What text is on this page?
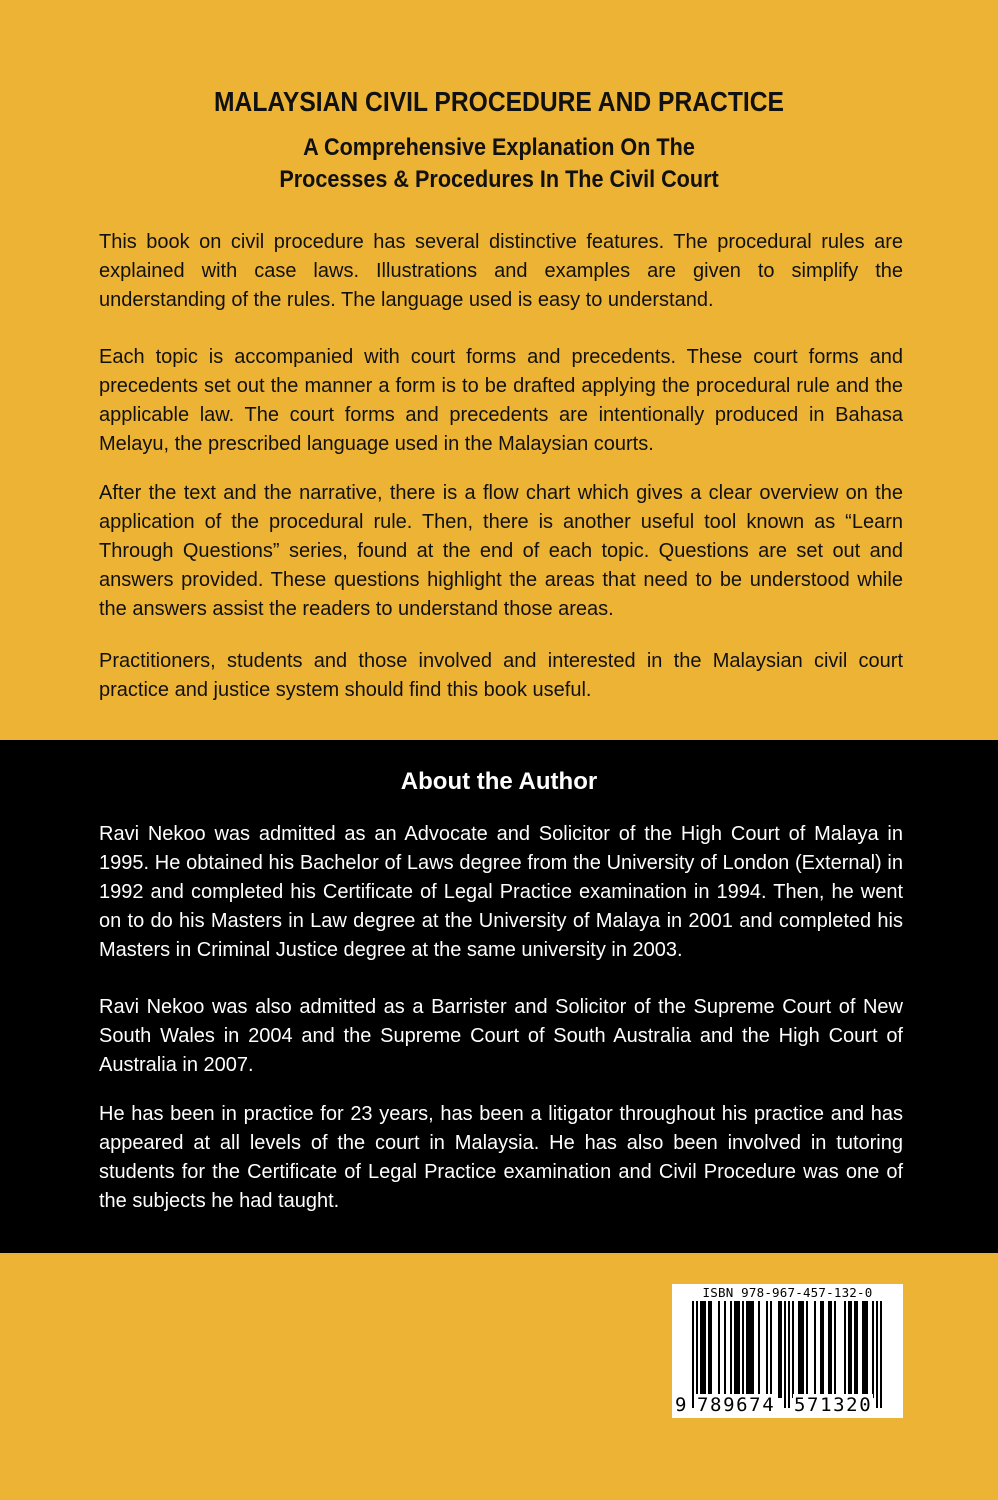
MALAYSIAN CIVIL PROCEDURE AND PRACTICE
A Comprehensive Explanation On The
Processes & Procedures In The Civil Court
This book on civil procedure has several distinctive features. The procedural rules are explained with case laws. Illustrations and examples are given to simplify the understanding of the rules. The language used is easy to understand.
Each topic is accompanied with court forms and precedents. These court forms and precedents set out the manner a form is to be drafted applying the procedural rule and the applicable law. The court forms and precedents are intentionally produced in Bahasa Melayu, the prescribed language used in the Malaysian courts.
After the text and the narrative, there is a flow chart which gives a clear overview on the application of the procedural rule. Then, there is another useful tool known as “Learn Through Questions” series, found at the end of each topic. Questions are set out and answers provided. These questions highlight the areas that need to be understood while the answers assist the readers to understand those areas.
Practitioners, students and those involved and interested in the Malaysian civil court practice and justice system should find this book useful.
About the Author
Ravi Nekoo was admitted as an Advocate and Solicitor of the High Court of Malaya in 1995. He obtained his Bachelor of Laws degree from the University of London (External) in 1992 and completed his Certificate of Legal Practice examination in 1994. Then, he went on to do his Masters in Law degree at the University of Malaya in 2001 and completed his Masters in Criminal Justice degree at the same university in 2003.
Ravi Nekoo was also admitted as a Barrister and Solicitor of the Supreme Court of New South Wales in 2004 and the Supreme Court of South Australia and the High Court of Australia in 2007.
He has been in practice for 23 years, has been a litigator throughout his practice and has appeared at all levels of the court in Malaysia. He has also been involved in tutoring students for the Certificate of Legal Practice examination and Civil Procedure was one of the subjects he had taught.
ISBN 978-967-457-132-0
9 789674 571320
